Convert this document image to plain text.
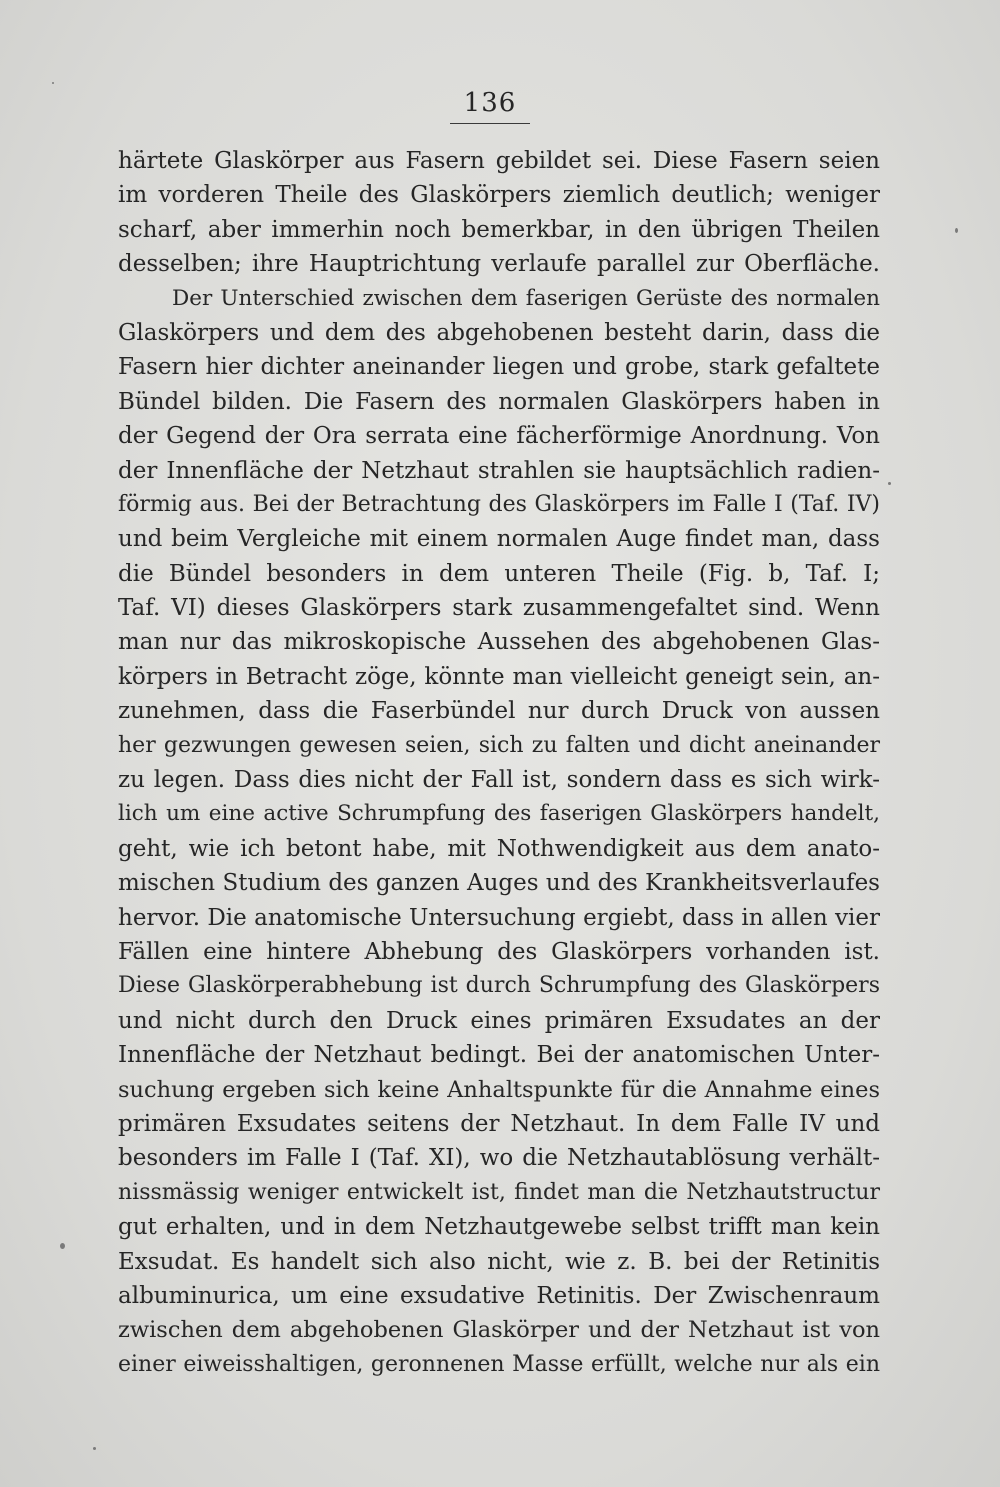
136
härtete Glaskörper aus Fasern gebildet sei. Diese Fasern seien
im vorderen Theile des Glaskörpers ziemlich deutlich; weniger
scharf, aber immerhin noch bemerkbar, in den übrigen Theilen
desselben; ihre Hauptrichtung verlaufe parallel zur Oberfläche.
Der Unterschied zwischen dem faserigen Gerüste des normalen
Glaskörpers und dem des abgehobenen besteht darin, dass die
Fasern hier dichter aneinander liegen und grobe, stark gefaltete
Bündel bilden. Die Fasern des normalen Glaskörpers haben in
der Gegend der Ora serrata eine fächerförmige Anordnung. Von
der Innenfläche der Netzhaut strahlen sie hauptsächlich radien-
förmig aus. Bei der Betrachtung des Glaskörpers im Falle I (Taf. IV)
und beim Vergleiche mit einem normalen Auge findet man, dass
die Bündel besonders in dem unteren Theile (Fig. b, Taf. I;
Taf. VI) dieses Glaskörpers stark zusammengefaltet sind. Wenn
man nur das mikroskopische Aussehen des abgehobenen Glas-
körpers in Betracht zöge, könnte man vielleicht geneigt sein, an-
zunehmen, dass die Faserbündel nur durch Druck von aussen
her gezwungen gewesen seien, sich zu falten und dicht aneinander
zu legen. Dass dies nicht der Fall ist, sondern dass es sich wirk-
lich um eine active Schrumpfung des faserigen Glaskörpers handelt,
geht, wie ich betont habe, mit Nothwendigkeit aus dem anato-
mischen Studium des ganzen Auges und des Krankheitsverlaufes
hervor. Die anatomische Untersuchung ergiebt, dass in allen vier
Fällen eine hintere Abhebung des Glaskörpers vorhanden ist.
Diese Glaskörperabhebung ist durch Schrumpfung des Glaskörpers
und nicht durch den Druck eines primären Exsudates an der
Innenfläche der Netzhaut bedingt. Bei der anatomischen Unter-
suchung ergeben sich keine Anhaltspunkte für die Annahme eines
primären Exsudates seitens der Netzhaut. In dem Falle IV und
besonders im Falle I (Taf. XI), wo die Netzhautablösung verhält-
nissmässig weniger entwickelt ist, findet man die Netzhautstructur
gut erhalten, und in dem Netzhautgewebe selbst trifft man kein
Exsudat. Es handelt sich also nicht, wie z. B. bei der Retinitis
albuminurica, um eine exsudative Retinitis. Der Zwischenraum
zwischen dem abgehobenen Glaskörper und der Netzhaut ist von
einer eiweisshaltigen, geronnenen Masse erfüllt, welche nur als ein
